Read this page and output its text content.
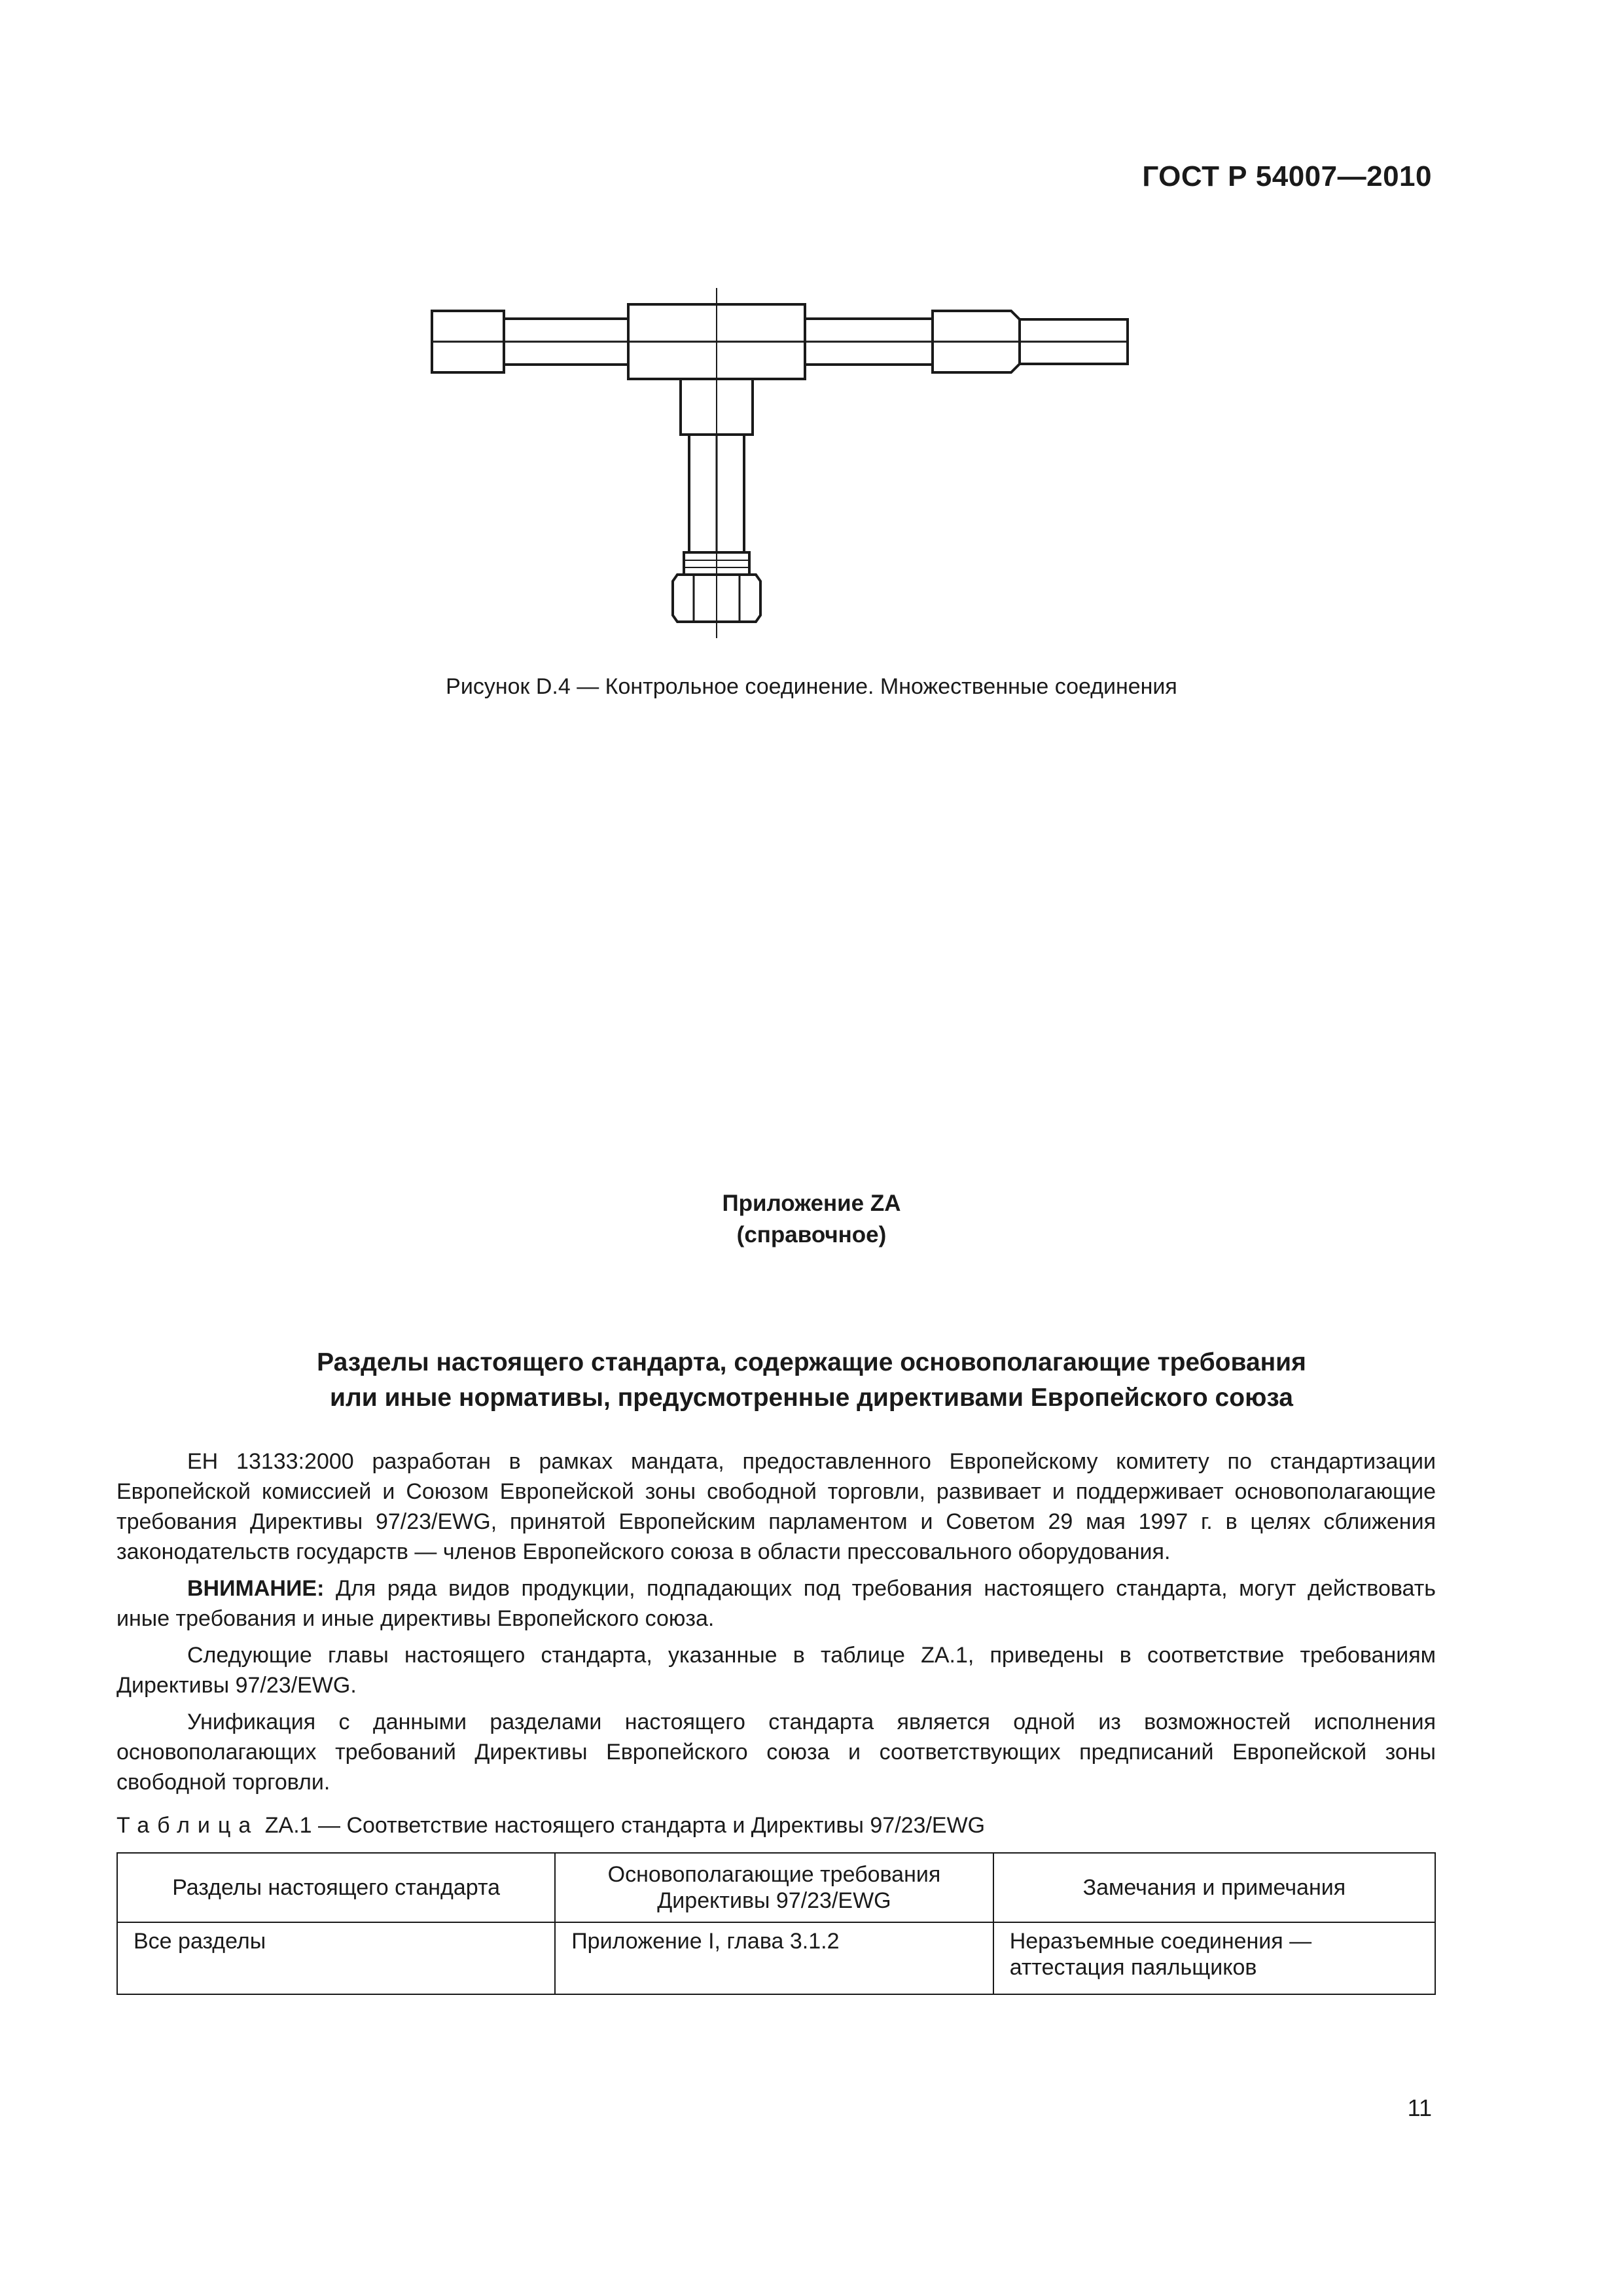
ГОСТ Р 54007—2010
Рисунок D.4 — Контрольное соединение. Множественные соединения
Приложение ZA
(справочное)
Разделы настоящего стандарта, содержащие основополагающие требования
или иные нормативы, предусмотренные директивами Европейского союза

ЕН 13133:2000 разработан в рамках мандата, предоставленного Европейскому комитету по стандартизации Европейской комиссией и Союзом Европейской зоны свободной торговли, развивает и поддерживает основополагающие требования Директивы 97/23/EWG, принятой Европейским парламентом и Советом 29 мая 1997 г. в целях сближения законодательств государств — членов Европейского союза в области прессовального оборудования.

ВНИМАНИЕ: Для ряда видов продукции, подпадающих под требования настоящего стандарта, могут действовать иные требования и иные директивы Европейского союза.

Следующие главы настоящего стандарта, указанные в таблице ZA.1, приведены в соответствие требованиям Директивы 97/23/EWG.

Унификация с данными разделами настоящего стандарта является одной из возможностей исполнения основополагающих требований Директивы Европейского союза и соответствующих предписаний Европейской зоны свободной торговли.

Таблица ZA.1 — Соответствие настоящего стандарта и Директивы 97/23/EWG
Разделы настоящего стандарта	Основополагающие требования Директивы 97/23/EWG	Замечания и примечания
Все разделы	Приложение I, глава 3.1.2	Неразъемные соединения — аттестация паяльщиков
11
